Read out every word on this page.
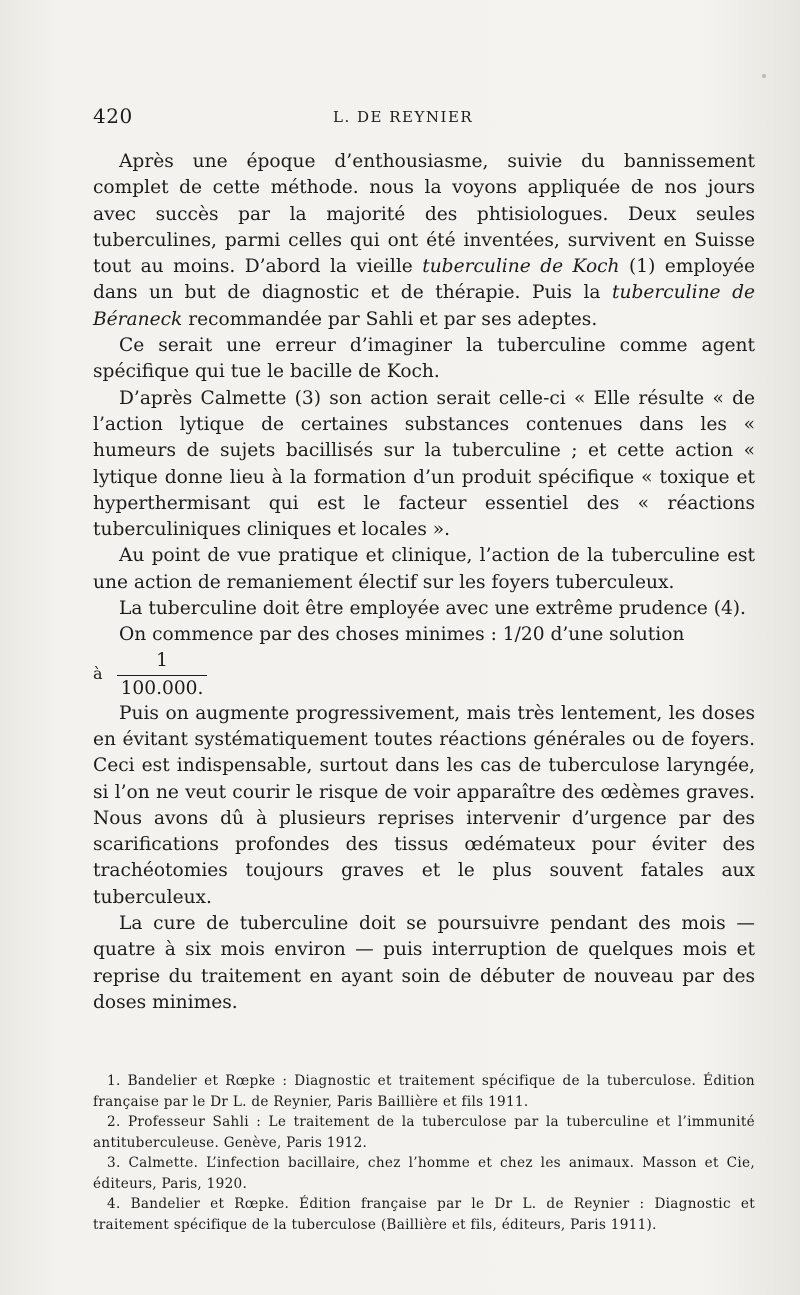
420	L. DE REYNIER

Après une époque d’enthousiasme, suivie du bannissement complet de cette méthode. nous la voyons appliquée de nos jours avec succès par la majorité des phtisiologues. Deux seules tuberculines, parmi celles qui ont été inventées, survivent en Suisse tout au moins. D’abord la vieille tuberculine de Koch (1) employée dans un but de diagnostic et de thérapie. Puis la tuberculine de Béraneck recommandée par Sahli et par ses adeptes.

Ce serait une erreur d’imaginer la tuberculine comme agent spécifique qui tue le bacille de Koch.

D’après Calmette (3) son action serait celle-ci « Elle résulte « de l’action lytique de certaines substances contenues dans les « humeurs de sujets bacillisés sur la tuberculine ; et cette action « lytique donne lieu à la formation d’un produit spécifique « toxique et hyperthermisant qui est le facteur essentiel des « réactions tuberculiniques cliniques et locales ».

Au point de vue pratique et clinique, l’action de la tuberculine est une action de remaniement électif sur les foyers tuberculeux.

La tuberculine doit être employée avec une extrême prudence (4).

On commence par des choses minimes : 1/20 d’une solution

à
1
100.000.

Puis on augmente progressivement, mais très lentement, les doses en évitant systématiquement toutes réactions générales ou de foyers. Ceci est indispensable, surtout dans les cas de tuberculose laryngée, si l’on ne veut courir le risque de voir apparaître des œdèmes graves. Nous avons dû à plusieurs reprises intervenir d’urgence par des scarifications profondes des tissus œdémateux pour éviter des trachéotomies toujours graves et le plus souvent fatales aux tuberculeux.

La cure de tuberculine doit se poursuivre pendant des mois — quatre à six mois environ — puis interruption de quelques mois et reprise du traitement en ayant soin de débuter de nouveau par des doses minimes.

1. Bandelier et Rœpke : Diagnostic et traitement spécifique de la tuberculose. Édition française par le Dr L. de Reynier, Paris Baillière et fils 1911.

2. Professeur Sahli : Le traitement de la tuberculose par la tuberculine et l’immunité antituberculeuse. Genève, Paris 1912.

3. Calmette. L’infection bacillaire, chez l’homme et chez les animaux. Masson et Cie, éditeurs, Paris, 1920.

4. Bandelier et Rœpke. Édition française par le Dr L. de Reynier : Diagnostic et traitement spécifique de la tuberculose (Baillière et fils, éditeurs, Paris 1911).
